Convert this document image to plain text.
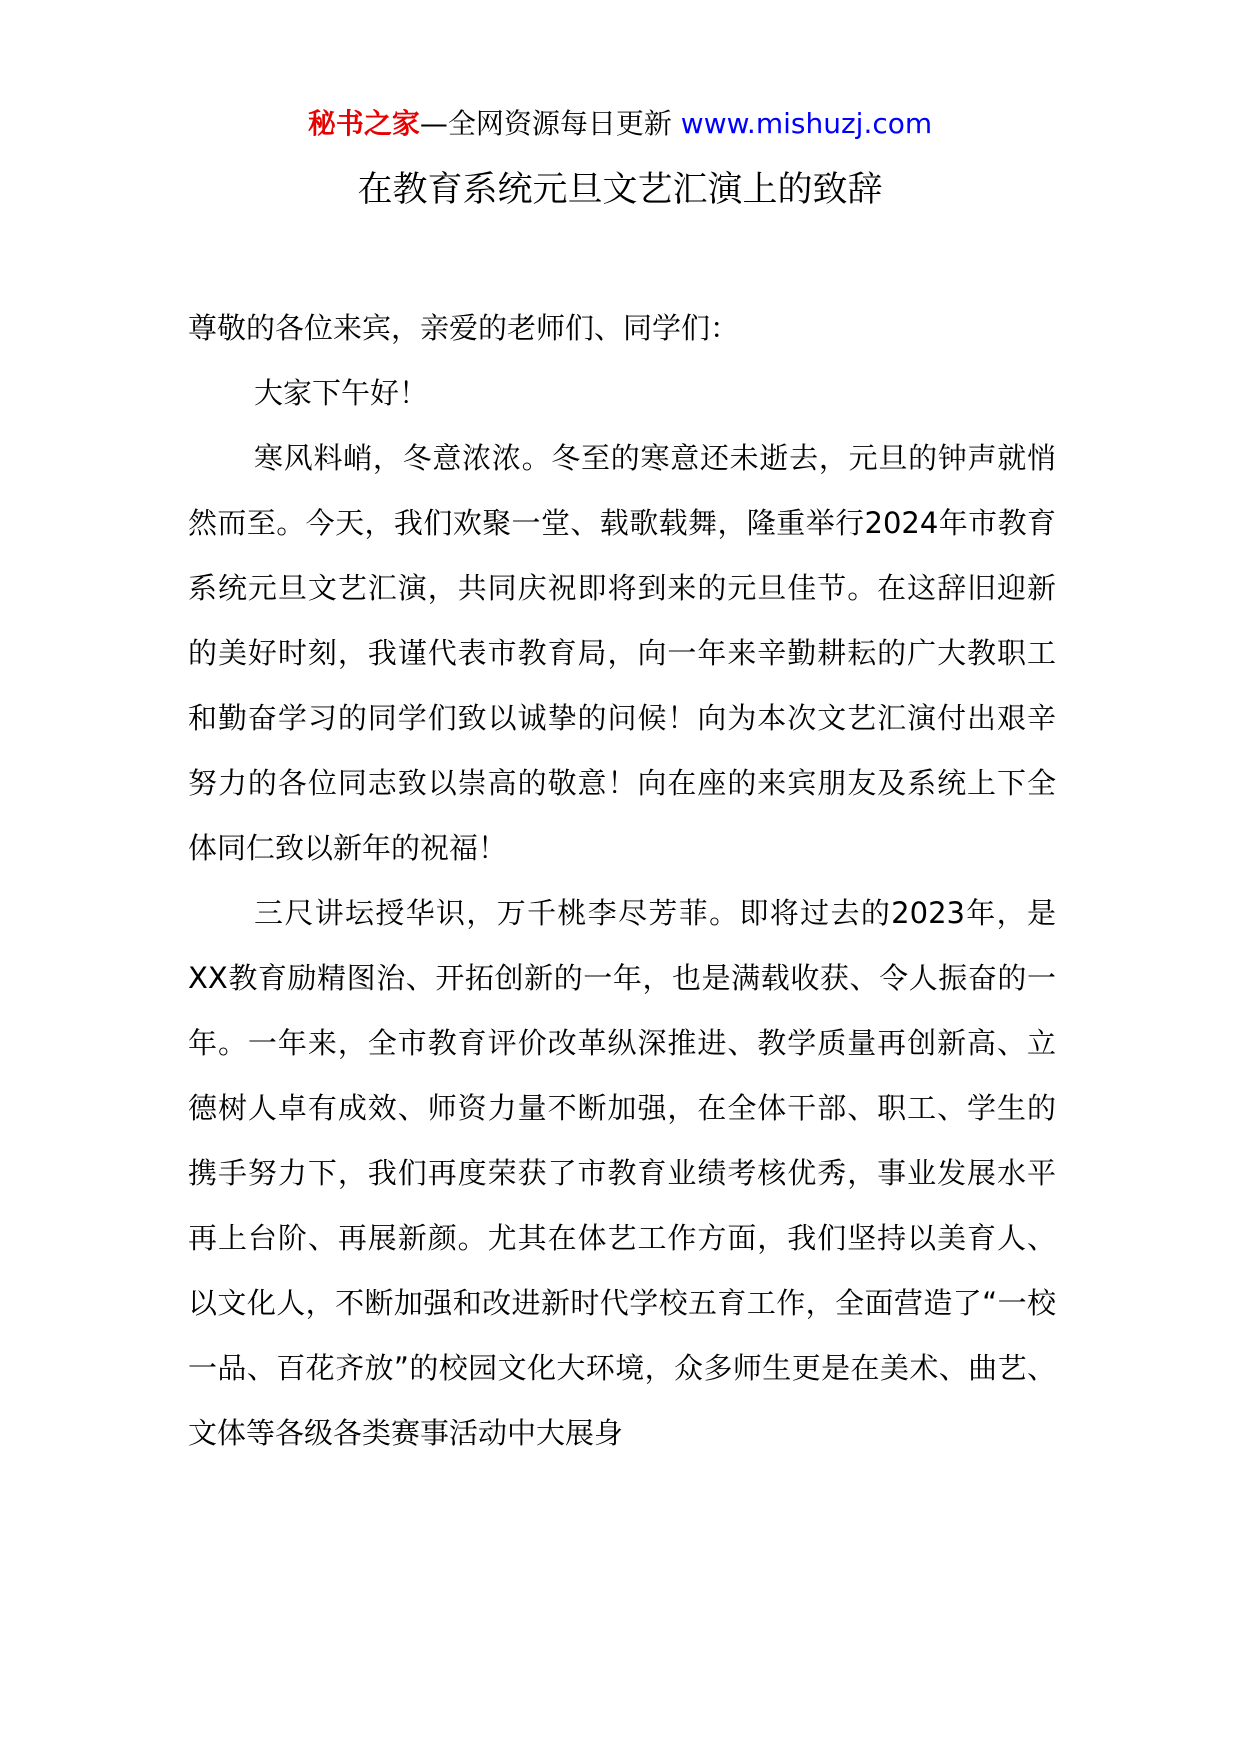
秘书之家—全网资源每日更新 www.mishuzj.com
在教育系统元旦文艺汇演上的致辞

尊敬的各位来宾，亲爱的老师们、同学们：

大家下午好！

寒风料峭，冬意浓浓。冬至的寒意还未逝去，元旦的钟声就悄然而至。今天，我们欢聚一堂、载歌载舞，隆重举行2024年市教育系统元旦文艺汇演，共同庆祝即将到来的元旦佳节。在这辞旧迎新的美好时刻，我谨代表市教育局，向一年来辛勤耕耘的广大教职工和勤奋学习的同学们致以诚挚的问候！向为本次文艺汇演付出艰辛努力的各位同志致以崇高的敬意！向在座的来宾朋友及系统上下全体同仁致以新年的祝福！

三尺讲坛授华识，万千桃李尽芳菲。即将过去的2023年，是XX教育励精图治、开拓创新的一年，也是满载收获、令人振奋的一年。一年来，全市教育评价改革纵深推进、教学质量再创新高、立德树人卓有成效、师资力量不断加强，在全体干部、职工、学生的携手努力下，我们再度荣获了市教育业绩考核优秀，事业发展水平再上台阶、再展新颜。尤其在体艺工作方面，我们坚持以美育人、以文化人，不断加强和改进新时代学校五育工作，全面营造了“一校一品、百花齐放”的校园文化大环境，众多师生更是在美术、曲艺、文体等各级各类赛事活动中大展身
